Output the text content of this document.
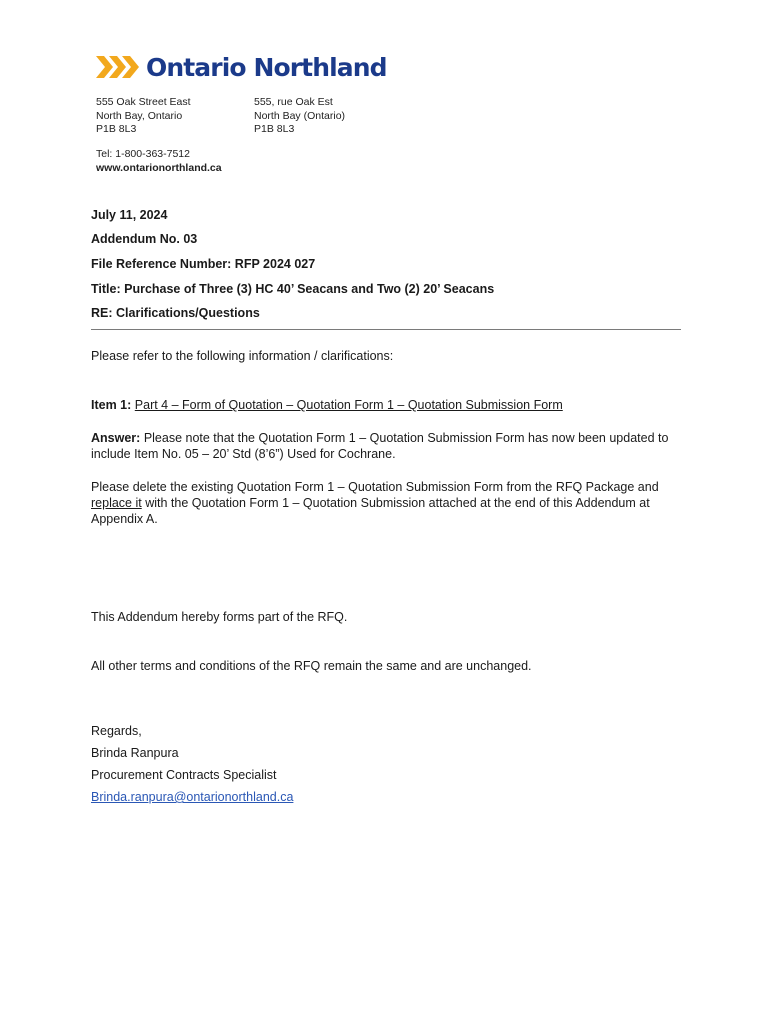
Ontario Northland
555 Oak Street East
North Bay, Ontario
P1B 8L3
555, rue Oak Est
North Bay (Ontario)
P1B 8L3
Tel: 1-800-363-7512
www.ontarionorthland.ca
July 11, 2024
Addendum No. 03
File Reference Number: RFP 2024 027
Title: Purchase of Three (3) HC 40’ Seacans and Two (2) 20’ Seacans
RE: Clarifications/Questions
Please refer to the following information / clarifications:
Item 1: Part 4 – Form of Quotation – Quotation Form 1 – Quotation Submission Form
Answer: Please note that the Quotation Form 1 – Quotation Submission Form has now been updated to include Item No. 05 – 20’ Std (8’6”) Used for Cochrane.
Please delete the existing Quotation Form 1 – Quotation Submission Form from the RFQ Package and replace it with the Quotation Form 1 – Quotation Submission attached at the end of this Addendum at Appendix A.
This Addendum hereby forms part of the RFQ.
All other terms and conditions of the RFQ remain the same and are unchanged.
Regards,
Brinda Ranpura
Procurement Contracts Specialist
Brinda.ranpura@ontarionorthland.ca
